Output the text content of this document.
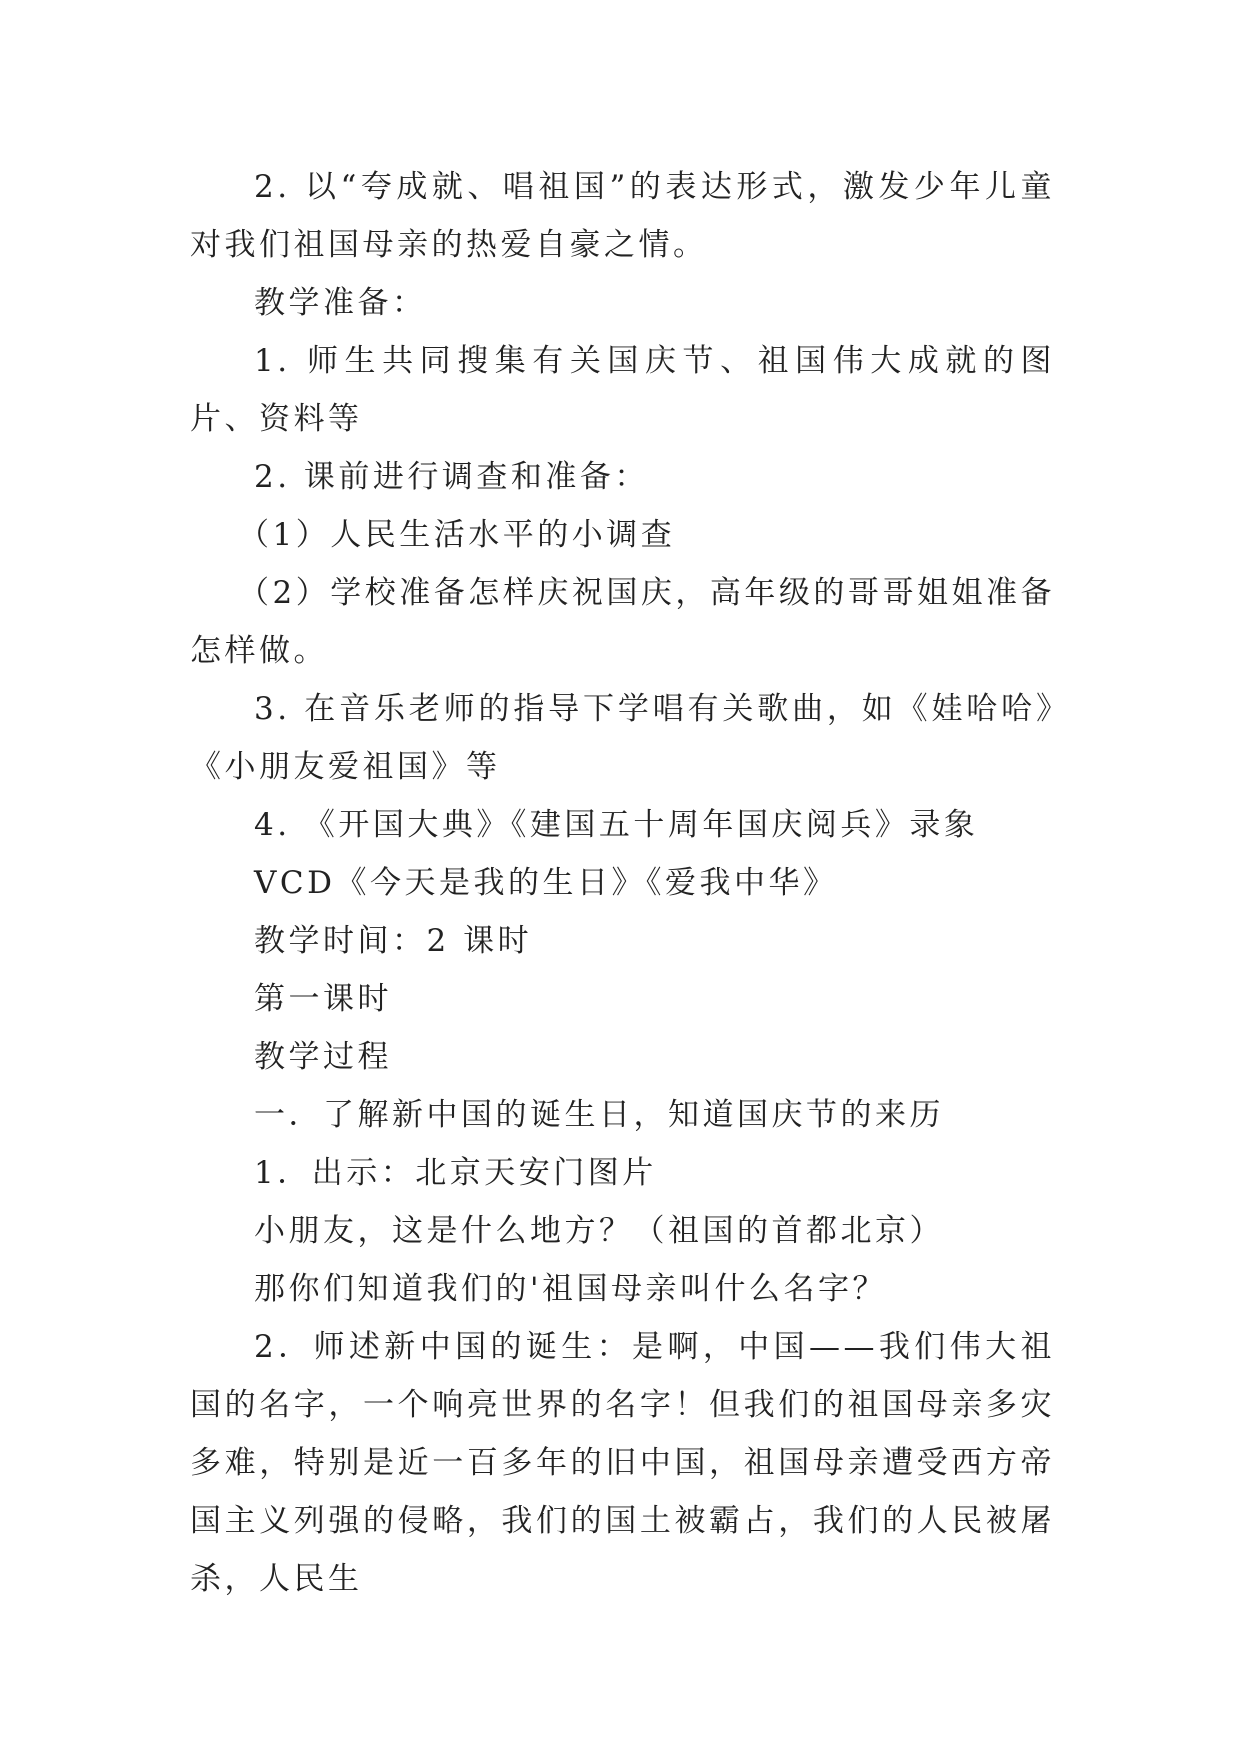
2. 以“夸成就、唱祖国”的表达形式，激发少年儿童对我们祖国母亲的热爱自豪之情。

教学准备：

1. 师生共同搜集有关国庆节、祖国伟大成就的图片、资料等

2. 课前进行调查和准备：

（1）人民生活水平的小调查

（2）学校准备怎样庆祝国庆，高年级的哥哥姐姐准备怎样做。

3. 在音乐老师的指导下学唱有关歌曲，如《娃哈哈》《小朋友爱祖国》等

4. 《开国大典》《建国五十周年国庆阅兵》录象

VCD《今天是我的生日》《爱我中华》

教学时间：2 课时

第一课时

教学过程

一．了解新中国的诞生日，知道国庆节的来历

1．出示：北京天安门图片

小朋友，这是什么地方？（祖国的首都北京）

那你们知道我们的'祖国母亲叫什么名字？

2．师述新中国的诞生：是啊，中国——我们伟大祖国的名字，一个响亮世界的名字！但我们的祖国母亲多灾多难，特别是近一百多年的旧中国，祖国母亲遭受西方帝国主义列强的侵略，我们的国土被霸占，我们的人民被屠杀，人民生
